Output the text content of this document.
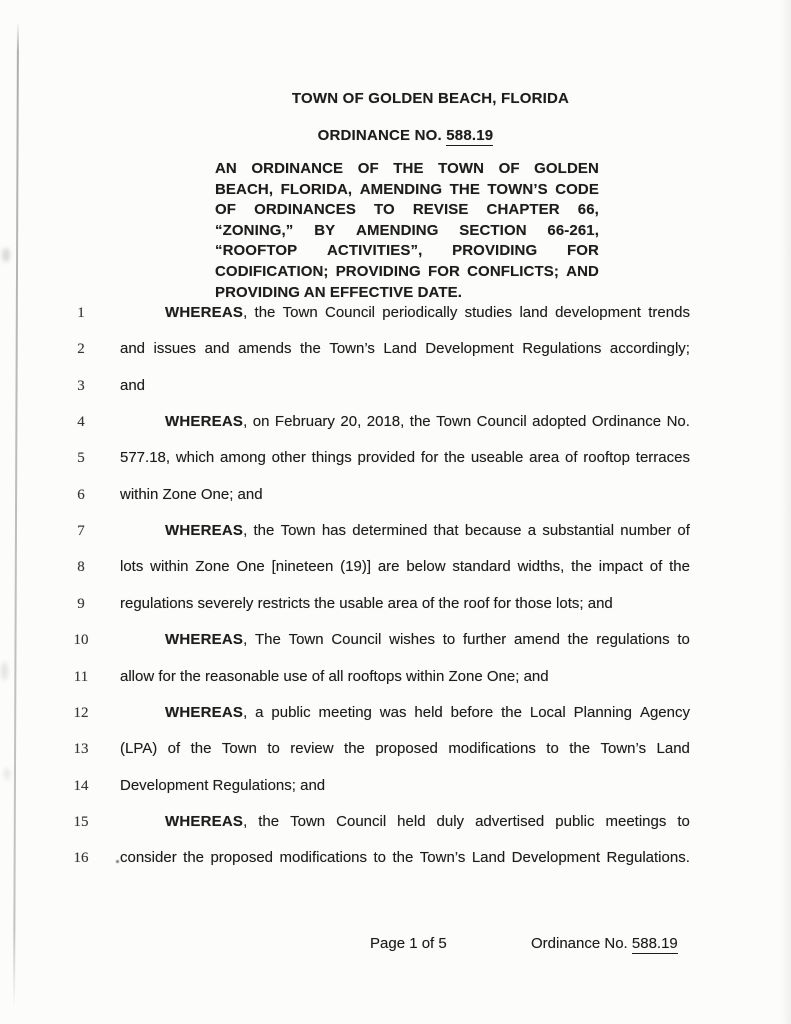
TOWN OF GOLDEN BEACH, FLORIDA
ORDINANCE NO. 588.19
AN ORDINANCE OF THE TOWN OF GOLDEN
BEACH, FLORIDA, AMENDING THE TOWN’S CODE
OF ORDINANCES TO REVISE CHAPTER 66,
“ZONING,” BY AMENDING SECTION 66-261,
“ROOFTOP ACTIVITIES”, PROVIDING FOR
CODIFICATION; PROVIDING FOR CONFLICTS; AND
PROVIDING AN EFFECTIVE DATE.
1	WHEREAS, the Town Council periodically studies land development trends
2	and issues and amends the Town’s Land Development Regulations accordingly;
3	and
4	WHEREAS, on February 20, 2018, the Town Council adopted Ordinance No.
5	577.18, which among other things provided for the useable area of rooftop terraces
6	within Zone One; and
7	WHEREAS, the Town has determined that because a substantial number of
8	lots within Zone One [nineteen (19)] are below standard widths, the impact of the
9	regulations severely restricts the usable area of the roof for those lots; and
10	WHEREAS, The Town Council wishes to further amend the regulations to
11	allow for the reasonable use of all rooftops within Zone One; and
12	WHEREAS, a public meeting was held before the Local Planning Agency
13	(LPA) of the Town to review the proposed modifications to the Town’s Land
14	Development Regulations; and
15	WHEREAS, the Town Council held duly advertised public meetings to
16	consider the proposed modifications to the Town’s Land Development Regulations.
Page 1 of 5	Ordinance No. 588.19
